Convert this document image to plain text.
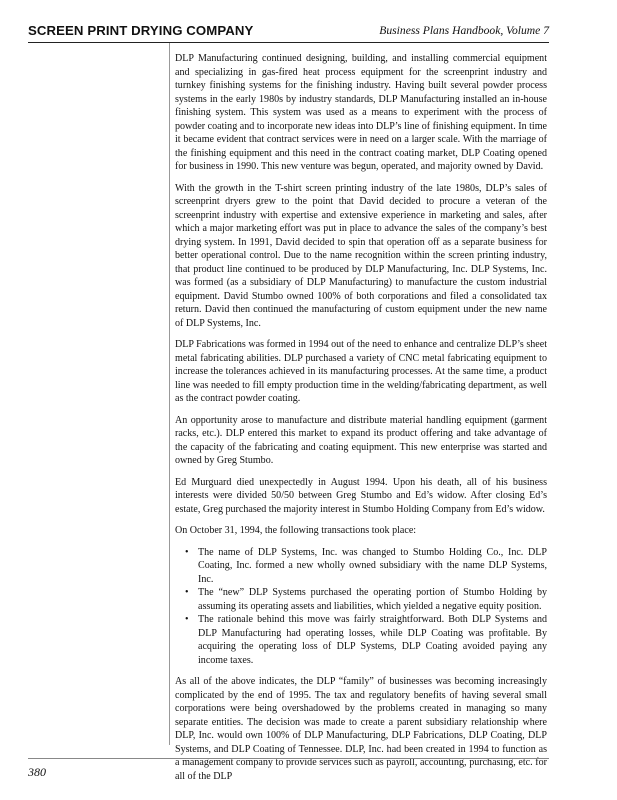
SCREEN PRINT DRYING COMPANY	Business Plans Handbook, Volume 7

DLP Manufacturing continued designing, building, and installing commercial equipment and specializing in gas-fired heat process equipment for the screenprint industry and turnkey finishing systems for the finishing industry. Having built several powder process systems in the early 1980s by industry standards, DLP Manufacturing installed an in-house finishing system. This system was used as a means to experiment with the process of powder coating and to incorporate new ideas into DLP’s line of finishing equipment. In time it became evident that contract services were in need on a larger scale. With the marriage of the finishing equipment and this need in the contract coating market, DLP Coating opened for business in 1990. This new venture was begun, operated, and majority owned by David.

With the growth in the T-shirt screen printing industry of the late 1980s, DLP’s sales of screenprint dryers grew to the point that David decided to procure a veteran of the screenprint industry with expertise and extensive experience in marketing and sales, after which a major marketing effort was put in place to advance the sales of the company’s best drying system. In 1991, David decided to spin that operation off as a separate business for better operational control. Due to the name recognition within the screen printing industry, that product line continued to be produced by DLP Manufacturing, Inc. DLP Systems, Inc. was formed (as a subsidiary of DLP Manufacturing) to manufacture the custom industrial equipment. David Stumbo owned 100% of both corporations and filed a consolidated tax return. David then continued the manufacturing of custom equipment under the new name of DLP Systems, Inc.

DLP Fabrications was formed in 1994 out of the need to enhance and centralize DLP’s sheet metal fabricating abilities. DLP purchased a variety of CNC metal fabricating equipment to increase the tolerances achieved in its manufacturing processes. At the same time, a product line was needed to fill empty production time in the welding/fabricating department, as well as the contract powder coating.

An opportunity arose to manufacture and distribute material handling equipment (garment racks, etc.). DLP entered this market to expand its product offering and take advantage of the capacity of the fabricating and coating equipment. This new enterprise was started and owned by Greg Stumbo.

Ed Murguard died unexpectedly in August 1994. Upon his death, all of his business interests were divided 50/50 between Greg Stumbo and Ed’s widow. After closing Ed’s estate, Greg purchased the majority interest in Stumbo Holding Company from Ed’s widow.

On October 31, 1994, the following transactions took place:

• The name of DLP Systems, Inc. was changed to Stumbo Holding Co., Inc. DLP Coating, Inc. formed a new wholly owned subsidiary with the name DLP Systems, Inc.
• The “new” DLP Systems purchased the operating portion of Stumbo Holding by assuming its operating assets and liabilities, which yielded a negative equity position.
• The rationale behind this move was fairly straightforward. Both DLP Systems and DLP Manufacturing had operating losses, while DLP Coating was profitable. By acquiring the operating loss of DLP Systems, DLP Coating avoided paying any income taxes.

As all of the above indicates, the DLP “family” of businesses was becoming increasingly complicated by the end of 1995. The tax and regulatory benefits of having several small corporations were being overshadowed by the problems created in managing so many separate entities. The decision was made to create a parent subsidiary relationship where DLP, Inc. would own 100% of DLP Manufacturing, DLP Fabrications, DLP Coating, DLP Systems, and DLP Coating of Tennessee. DLP, Inc. had been created in 1994 to function as a management company to provide services such as payroll, accounting, purchasing, etc. for all of the DLP

380
